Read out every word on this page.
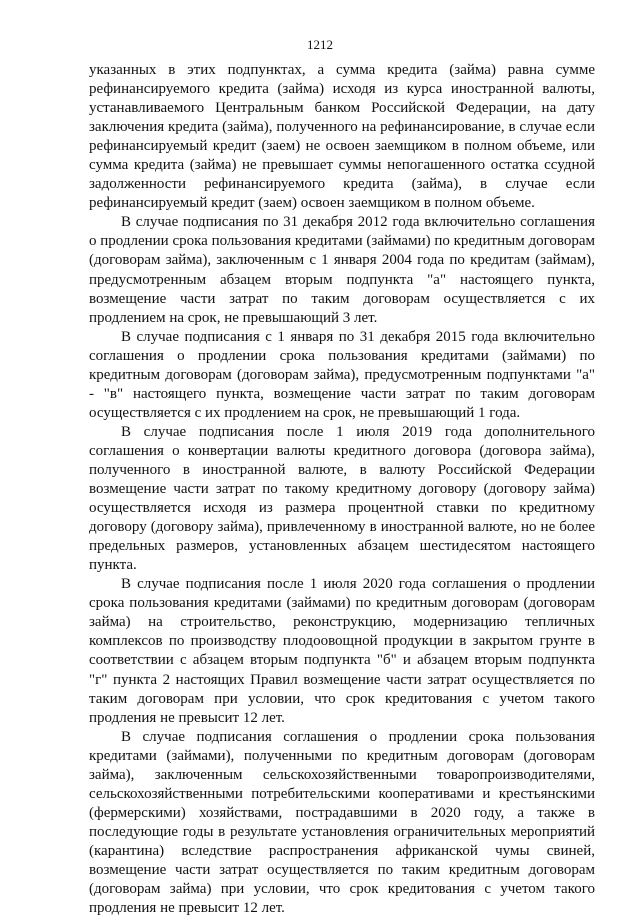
1212

указанных в этих подпунктах, а сумма кредита (займа) равна сумме рефинансируемого кредита (займа) исходя из курса иностранной валюты, устанавливаемого Центральным банком Российской Федерации, на дату заключения кредита (займа), полученного на рефинансирование, в случае если рефинансируемый кредит (заем) не освоен заемщиком в полном объеме, или сумма кредита (займа) не превышает суммы непогашенного остатка ссудной задолженности рефинансируемого кредита (займа), в случае если рефинансируемый кредит (заем) освоен заемщиком в полном объеме.

В случае подписания по 31 декабря 2012 года включительно соглашения о продлении срока пользования кредитами (займами) по кредитным договорам (договорам займа), заключенным с 1 января 2004 года по кредитам (займам), предусмотренным абзацем вторым подпункта "а" настоящего пункта, возмещение части затрат по таким договорам осуществляется с их продлением на срок, не превышающий 3 лет.

В случае подписания с 1 января по 31 декабря 2015 года включительно соглашения о продлении срока пользования кредитами (займами) по кредитным договорам (договорам займа), предусмотренным подпунктами "а" - "в" настоящего пункта, возмещение части затрат по таким договорам осуществляется с их продлением на срок, не превышающий 1 года.

В случае подписания после 1 июля 2019 года дополнительного соглашения о конвертации валюты кредитного договора (договора займа), полученного в иностранной валюте, в валюту Российской Федерации возмещение части затрат по такому кредитному договору (договору займа) осуществляется исходя из размера процентной ставки по кредитному договору (договору займа), привлеченному в иностранной валюте, но не более предельных размеров, установленных абзацем шестидесятом настоящего пункта.

В случае подписания после 1 июля 2020 года соглашения о продлении срока пользования кредитами (займами) по кредитным договорам (договорам займа) на строительство, реконструкцию, модернизацию тепличных комплексов по производству плодоовощной продукции в закрытом грунте в соответствии с абзацем вторым подпункта "б" и абзацем вторым подпункта "г" пункта 2 настоящих Правил возмещение части затрат осуществляется по таким договорам при условии, что срок кредитования с учетом такого продления не превысит 12 лет.

В случае подписания соглашения о продлении срока пользования кредитами (займами), полученными по кредитным договорам (договорам займа), заключенным сельскохозяйственными товаропроизводителями, сельскохозяйственными потребительскими кооперативами и крестьянскими (фермерскими) хозяйствами, пострадавшими в 2020 году, а также в последующие годы в результате установления ограничительных мероприятий (карантина) вследствие распространения африканской чумы свиней, возмещение части затрат осуществляется по таким кредитным договорам (договорам займа) при условии, что срок кредитования с учетом такого продления не превысит 12 лет.
